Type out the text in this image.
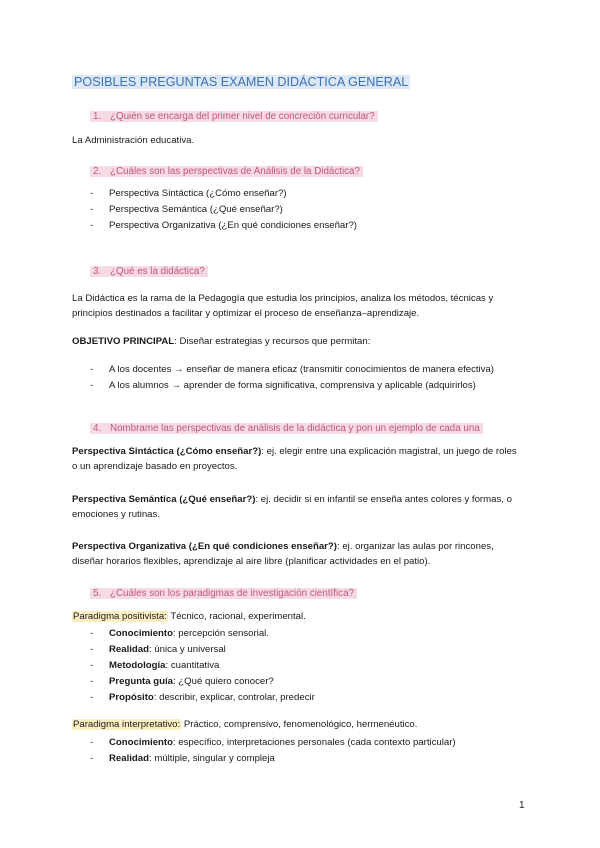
POSIBLES PREGUNTAS EXAMEN DIDÁCTICA GENERAL
1. ¿Quién se encarga del primer nivel de concreción curricular?
La Administración educativa.
2. ¿Cuáles son las perspectivas de Análisis de la Didáctica?
- Perspectiva Sintáctica (¿Cómo enseñar?)
- Perspectiva Semántica (¿Qué enseñar?)
- Perspectiva Organizativa (¿En qué condiciones enseñar?)
3. ¿Qué es la didáctica?
La Didáctica es la rama de la Pedagogía que estudia los principios, analiza los métodos, técnicas y
principios destinados a facilitar y optimizar el proceso de enseñanza–aprendizaje.
OBJETIVO PRINCIPAL: Diseñar estrategias y recursos que permitan:
- A los docentes → enseñar de manera eficaz (transmitir conocimientos de manera efectiva)
- A los alumnos → aprender de forma significativa, comprensiva y aplicable (adquirirlos)
4. Nombrame las perspectivas de análisis de la didáctica y pon un ejemplo de cada una
Perspectiva Sintáctica (¿Cómo enseñar?): ej. elegir entre una explicación magistral, un juego de roles
o un aprendizaje basado en proyectos.
Perspectiva Semántica (¿Qué enseñar?): ej. decidir si en infantil se enseña antes colores y formas, o
emociones y rutinas.
Perspectiva Organizativa (¿En qué condiciones enseñar?): ej. organizar las aulas por rincones,
diseñar horarios flexibles, aprendizaje al aire libre (planificar actividades en el patio).
5. ¿Cuáles son los paradigmas de investigación científica?
Paradigma positivista: Técnico, racional, experimental.
- Conocimiento: percepción sensorial.
- Realidad: única y universal
- Metodología: cuantitativa
- Pregunta guía: ¿Qué quiero conocer?
- Propósito: describir, explicar, controlar, predecir
Paradigma interpretativo: Práctico, comprensivo, fenomenológico, hermenéutico.
- Conocimiento: específico, interpretaciones personales (cada contexto particular)
- Realidad: múltiple, singular y compleja
1
